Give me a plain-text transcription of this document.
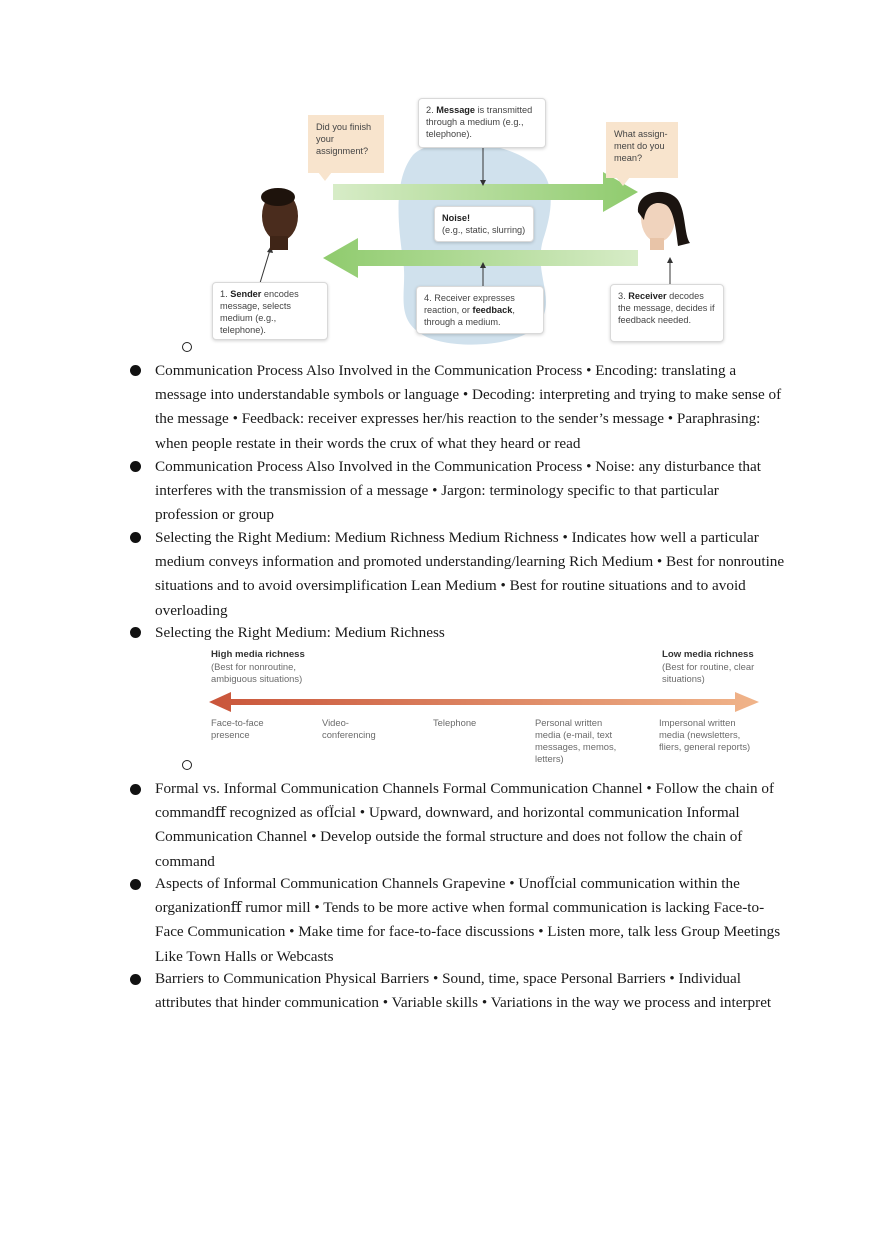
Did you finish your assignment?
What assign- ment do you mean?
2. Message is transmitted through a medium (e.g., telephone).
Noise!
(e.g., static, slurring)
1. Sender encodes message, selects medium (e.g., telephone).
4. Receiver expresses reaction, or feedback, through a medium.
3. Receiver decodes the message, decides if feedback needed.
Communication Process Also Involved in the Communication Process • Encoding: translating a message into understandable symbols or language • Decoding: interpreting and trying to make sense of the message • Feedback: receiver expresses her/his reaction to the sender’s message • Paraphrasing: when people restate in their words the crux of what they heard or read
Communication Process Also Involved in the Communication Process • Noise: any disturbance that interferes with the transmission of a message • Jargon: terminology specific to that particular profession or group
Selecting the Right Medium: Medium Richness Medium Richness • Indicates how well a particular medium conveys information and promoted understanding/learning Rich Medium • Best for nonroutine situations and to avoid oversimplification Lean Medium • Best for routine situations and to avoid overloading
Selecting the Right Medium: Medium Richness
High media richness
(Best for nonroutine, ambiguous situations)
Low media richness
(Best for routine, clear situations)
Face-to-face presence
Video- conferencing
Telephone	Personal written media (e-mail, text messages, memos, letters)
Impersonal written media (newsletters, fliers, general reports)
Formal vs. Informal Communication Channels Formal Communication Channel • Follow the chain of commandﬀ recognized as ofÏcial • Upward, downward, and horizontal communication Informal Communication Channel • Develop outside the formal structure and does not follow the chain of command
Aspects of Informal Communication Channels Grapevine • UnofÏcial communication within the organizationﬀ rumor mill • Tends to be more active when formal communication is lacking Face-to-Face Communication • Make time for face-to-face discussions • Listen more, talk less Group Meetings Like Town Halls or Webcasts
Barriers to Communication Physical Barriers • Sound, time, space Personal Barriers • Individual attributes that hinder communication • Variable skills • Variations in the way we process and interpret
